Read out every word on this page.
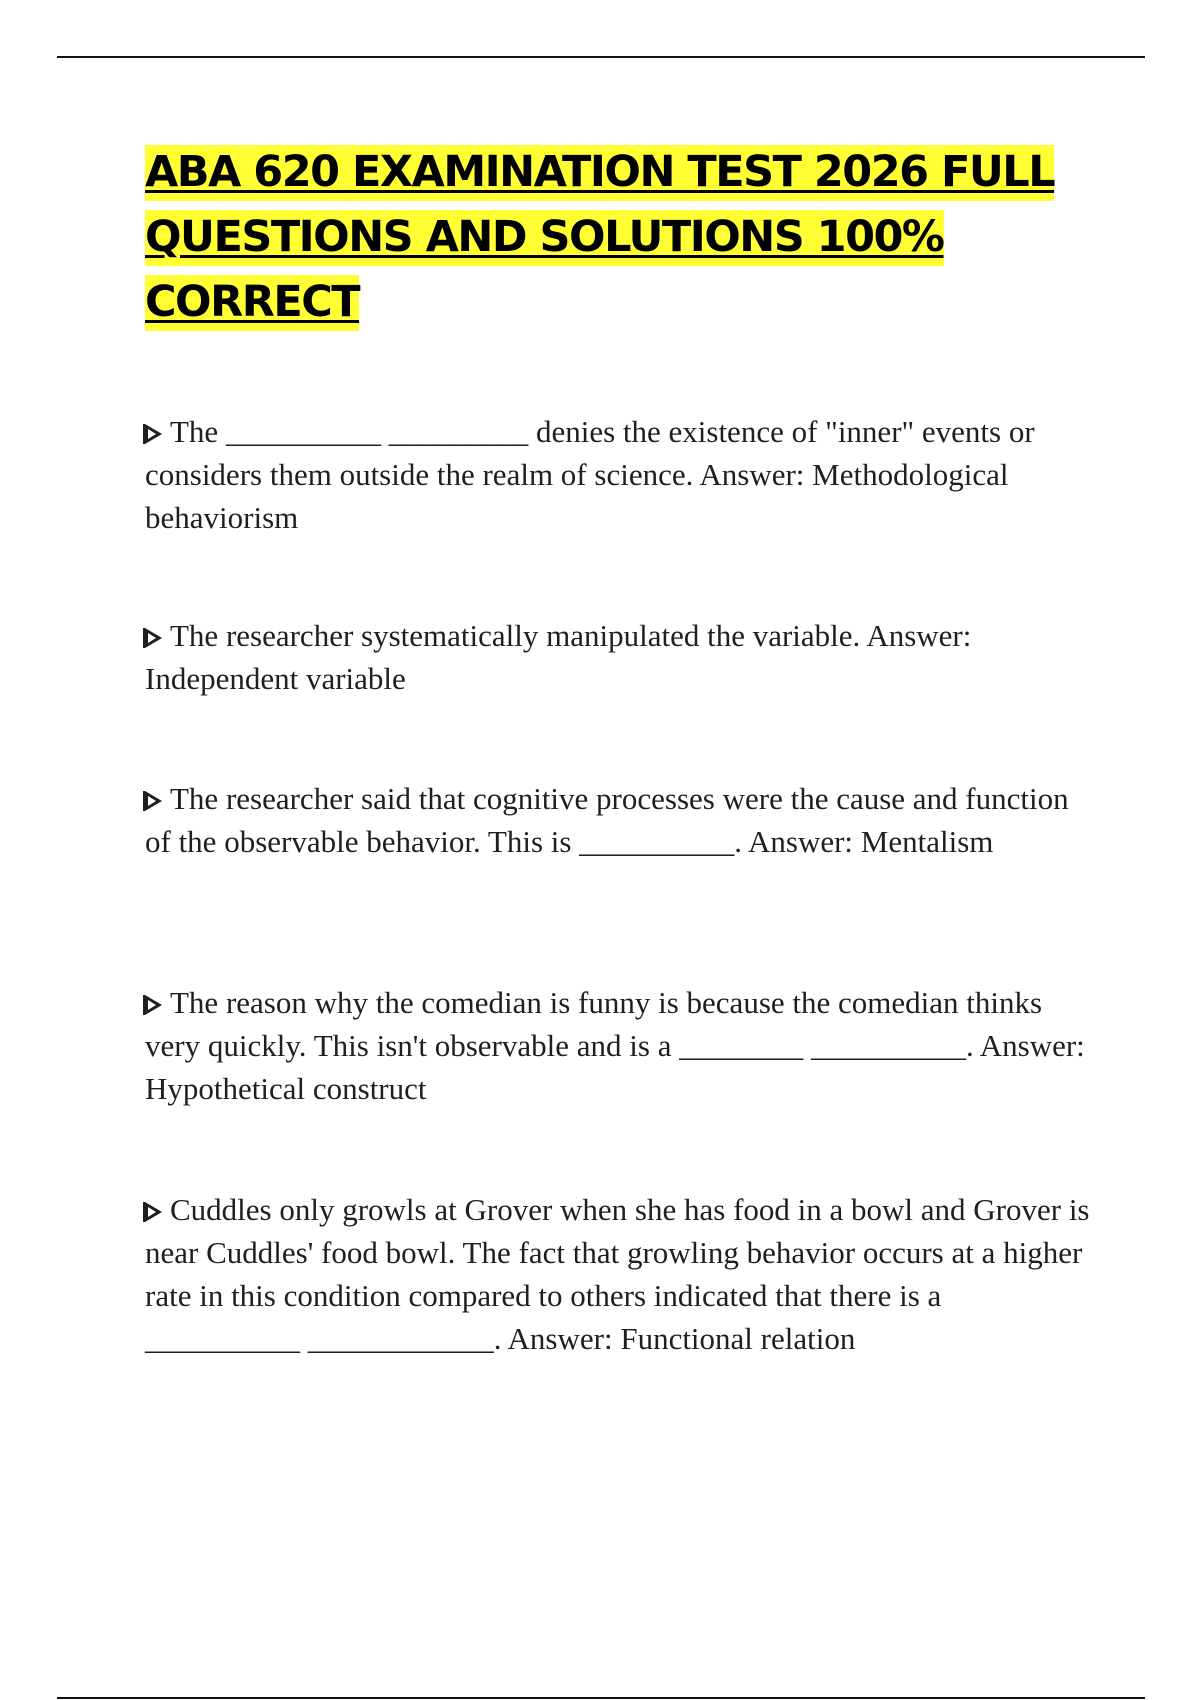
ABA 620 EXAMINATION TEST 2026 FULL
QUESTIONS AND SOLUTIONS 100%
CORRECT
The __________ _________ denies the existence of "inner" events or considers them outside the realm of science. Answer: Methodological behaviorism
The researcher systematically manipulated the variable. Answer: Independent variable
The researcher said that cognitive processes were the cause and function of the observable behavior. This is __________. Answer: Mentalism
The reason why the comedian is funny is because the comedian thinks very quickly. This isn't observable and is a ________ __________. Answer: Hypothetical construct
Cuddles only growls at Grover when she has food in a bowl and Grover is near Cuddles' food bowl. The fact that growling behavior occurs at a higher rate in this condition compared to others indicated that there is a __________ ____________. Answer: Functional relation
